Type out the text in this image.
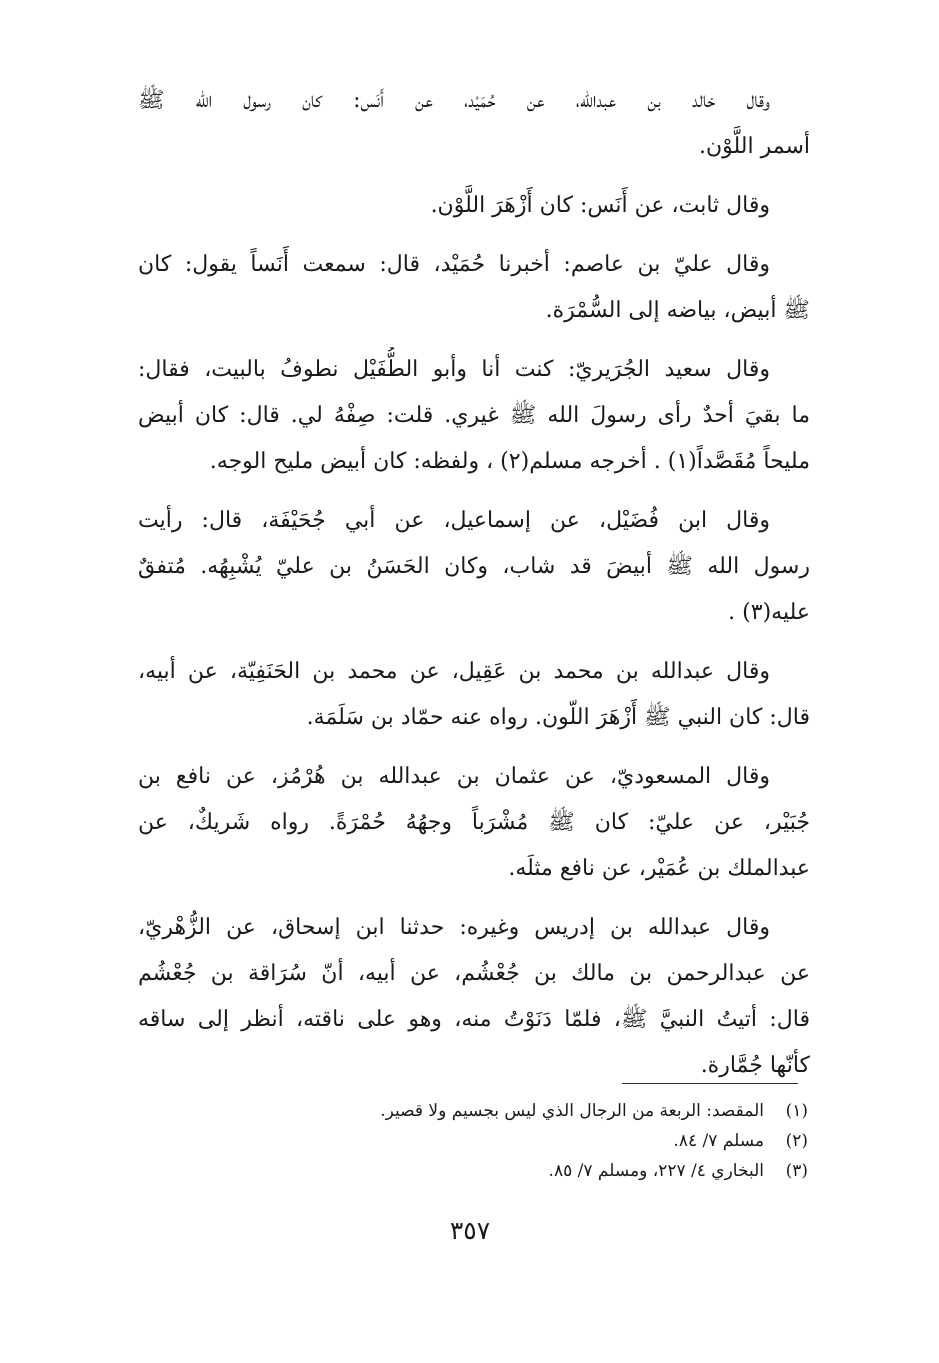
وقال خالد بن عبدالله، عن حُمَيْد، عن أَنَس: كان رسول الله ﷺ
أسمر اللَّوْن.
وقال ثابت، عن أَنَس: كان أَزْهَرَ اللَّوْن.
وقال عليّ بن عاصم: أخبرنا حُمَيْد، قال: سمعت أَنَساً يقول: كان
ﷺ أبيض، بياضه إلى السُّمْرَة.
وقال سعيد الجُرَيريّ: كنت أنا وأبو الطُّفَيْل نطوفُ بالبيت، فقال:
ما بقيَ أحدٌ رأى رسولَ الله ﷺ غيري. قلت: صِفْهُ لي. قال: كان أبيض
مليحاً مُقَصَّداً(١) . أخرجه مسلم(٢) ، ولفظه: كان أبيض مليح الوجه.
وقال ابن فُضَيْل، عن إسماعيل، عن أبي جُحَيْفَة، قال: رأيت
رسول الله ﷺ أبيضَ قد شاب، وكان الحَسَنُ بن عليّ يُشْبِهُه. مُتفقٌ
عليه(٣) .
وقال عبدالله بن محمد بن عَقِيل، عن محمد بن الحَنَفِيّة، عن أبيه،
قال: كان النبي ﷺ أَزْهَرَ اللّون. رواه عنه حمّاد بن سَلَمَة.
وقال المسعوديّ، عن عثمان بن عبدالله بن هُرْمُز، عن نافع بن
جُبَيْر، عن عليّ: كان ﷺ مُشْرَباً وجهُهُ حُمْرَةً. رواه شَريكٌ، عن
عبدالملك بن عُمَيْر، عن نافع مثلَه.
وقال عبدالله بن إدريس وغيره: حدثنا ابن إسحاق، عن الزُّهْريّ،
عن عبدالرحمن بن مالك بن جُعْشُم، عن أبيه، أنّ سُرَاقة بن جُعْشُم
قال: أتيتُ النبيَّ ﷺ، فلمّا دَنَوْتُ منه، وهو على ناقته، أنظر إلى ساقه
كأنّها جُمَّارة.
(١)المقصد: الربعة من الرجال الذي ليس بجسيم ولا قصير.
(٢)مسلم ٧/ ٨٤.
(٣)البخاري ٤/ ٢٢٧، ومسلم ٧/ ٨٥.
٣٥٧
